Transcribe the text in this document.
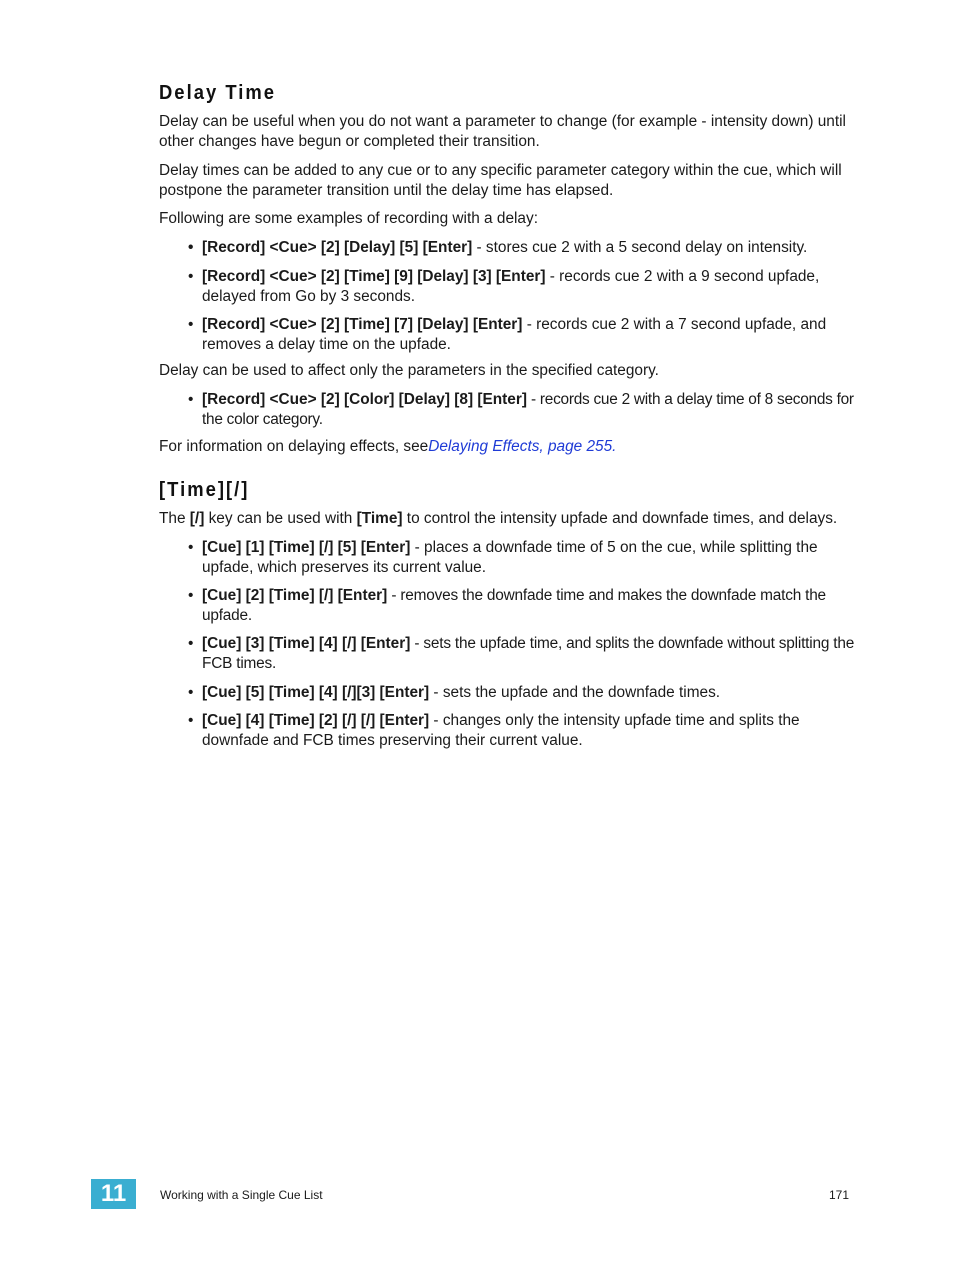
Delay Time

Delay can be useful when you do not want a parameter to change (for example - intensity down) until other changes have begun or completed their transition.

Delay times can be added to any cue or to any specific parameter category within the cue, which will postpone the parameter transition until the delay time has elapsed.

Following are some examples of recording with a delay:

• [Record] <Cue> [2] [Delay] [5] [Enter] - stores cue 2 with a 5 second delay on intensity.
• [Record] <Cue> [2] [Time] [9] [Delay] [3] [Enter] - records cue 2 with a 9 second upfade, delayed from Go by 3 seconds.
• [Record] <Cue> [2] [Time] [7] [Delay] [Enter] - records cue 2 with a 7 second upfade, and removes a delay time on the upfade.

Delay can be used to affect only the parameters in the specified category.

• [Record] <Cue> [2] [Color] [Delay] [8] [Enter] - records cue 2 with a delay time of 8 seconds for the color category.

For information on delaying effects, seeDelaying Effects, page 255.

[Time][/]

The [/] key can be used with [Time] to control the intensity upfade and downfade times, and delays.

• [Cue] [1] [Time] [/] [5] [Enter] - places a downfade time of 5 on the cue, while splitting the upfade, which preserves its current value.
• [Cue] [2] [Time] [/] [Enter] - removes the downfade time and makes the downfade match the upfade.
• [Cue] [3] [Time] [4] [/] [Enter] - sets the upfade time, and splits the downfade without splitting the FCB times.
• [Cue] [5] [Time] [4] [/][3] [Enter] - sets the upfade and the downfade times.
• [Cue] [4] [Time] [2] [/] [/] [Enter] - changes only the intensity upfade time and splits the downfade and FCB times preserving their current value.
11	Working with a Single Cue List	171
